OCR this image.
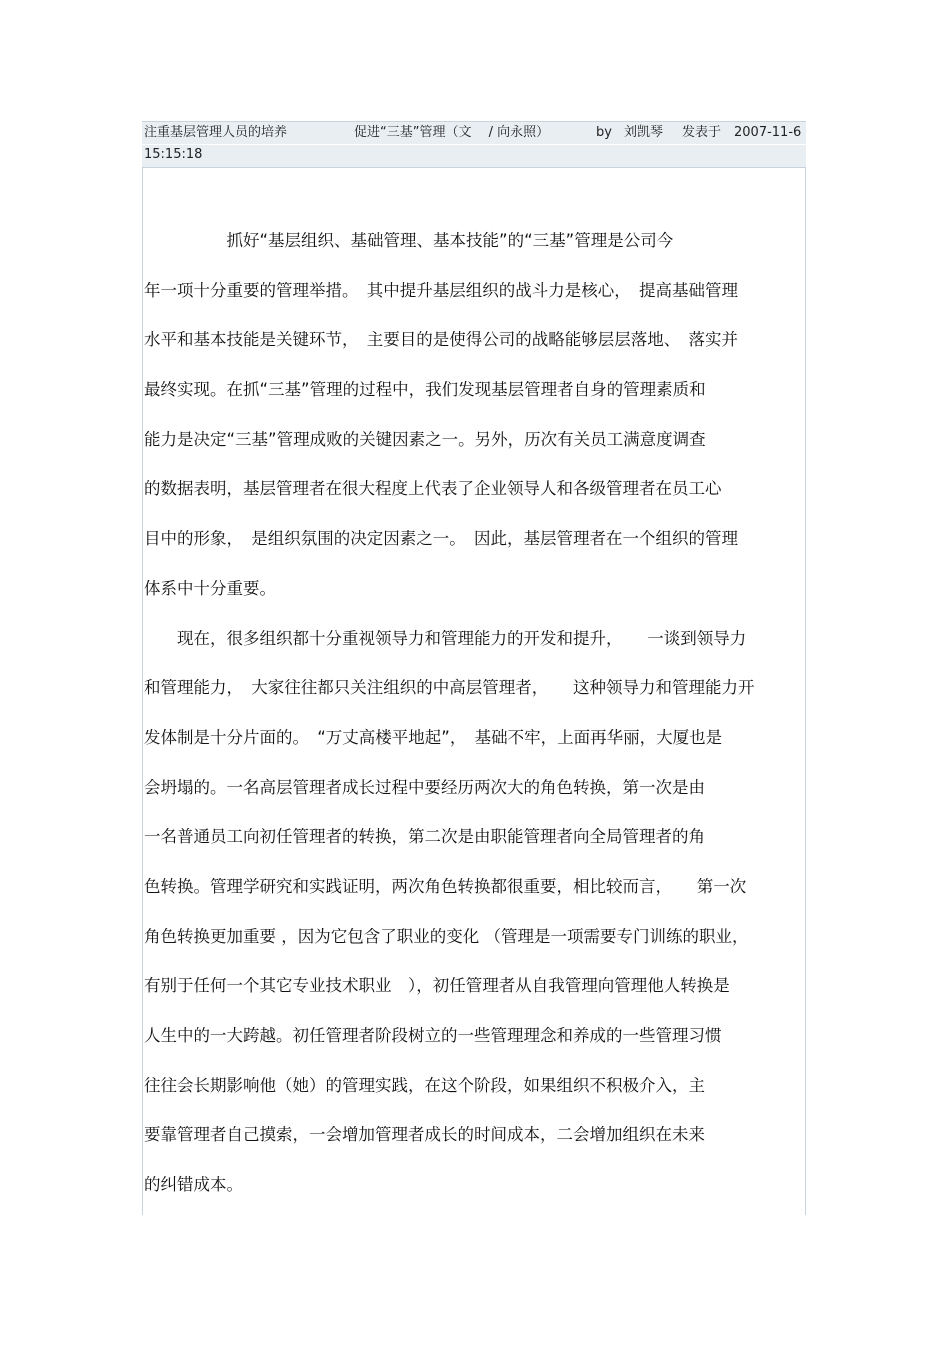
注重基层管理人员的培养	促进“三基”管理（文　 / 向永照）	by 刘凯琴 发表于 2007-11-6
15:15:18
　　　　　抓好“基层组织、基础管理、基本技能”的“三基”管理是公司今
年一项十分重要的管理举措。　其中提升基层组织的战斗力是核心，　提高基础管理
水平和基本技能是关键环节，　主要目的是使得公司的战略能够层层落地、　落实并
最终实现。在抓“三基”管理的过程中，我们发现基层管理者自身的管理素质和
能力是决定“三基”管理成败的关键因素之一。另外，历次有关员工满意度调查
的数据表明，基层管理者在很大程度上代表了企业领导人和各级管理者在员工心
目中的形象，　是组织氛围的决定因素之一。　因此，基层管理者在一个组织的管理
体系中十分重要。
　　现在，很多组织都十分重视领导力和管理能力的开发和提升，　　一谈到领导力
和管理能力，　大家往往都只关注组织的中高层管理者，　　这种领导力和管理能力开
发体制是十分片面的。　“万丈高楼平地起”，　基础不牢，上面再华丽，大厦也是
会坍塌的。一名高层管理者成长过程中要经历两次大的角色转换，第一次是由
一名普通员工向初任管理者的转换，第二次是由职能管理者向全局管理者的角
色转换。管理学研究和实践证明，两次角色转换都很重要，相比较而言，　　第一次
角色转换更加重要 ，因为它包含了职业的变化 （管理是一项需要专门训练的职业，
有别于任何一个其它专业技术职业　），初任管理者从自我管理向管理他人转换是
人生中的一大跨越。初任管理者阶段树立的一些管理理念和养成的一些管理习惯
往往会长期影响他（她）的管理实践，在这个阶段，如果组织不积极介入，主
要靠管理者自己摸索，一会增加管理者成长的时间成本，二会增加组织在未来
的纠错成本。
